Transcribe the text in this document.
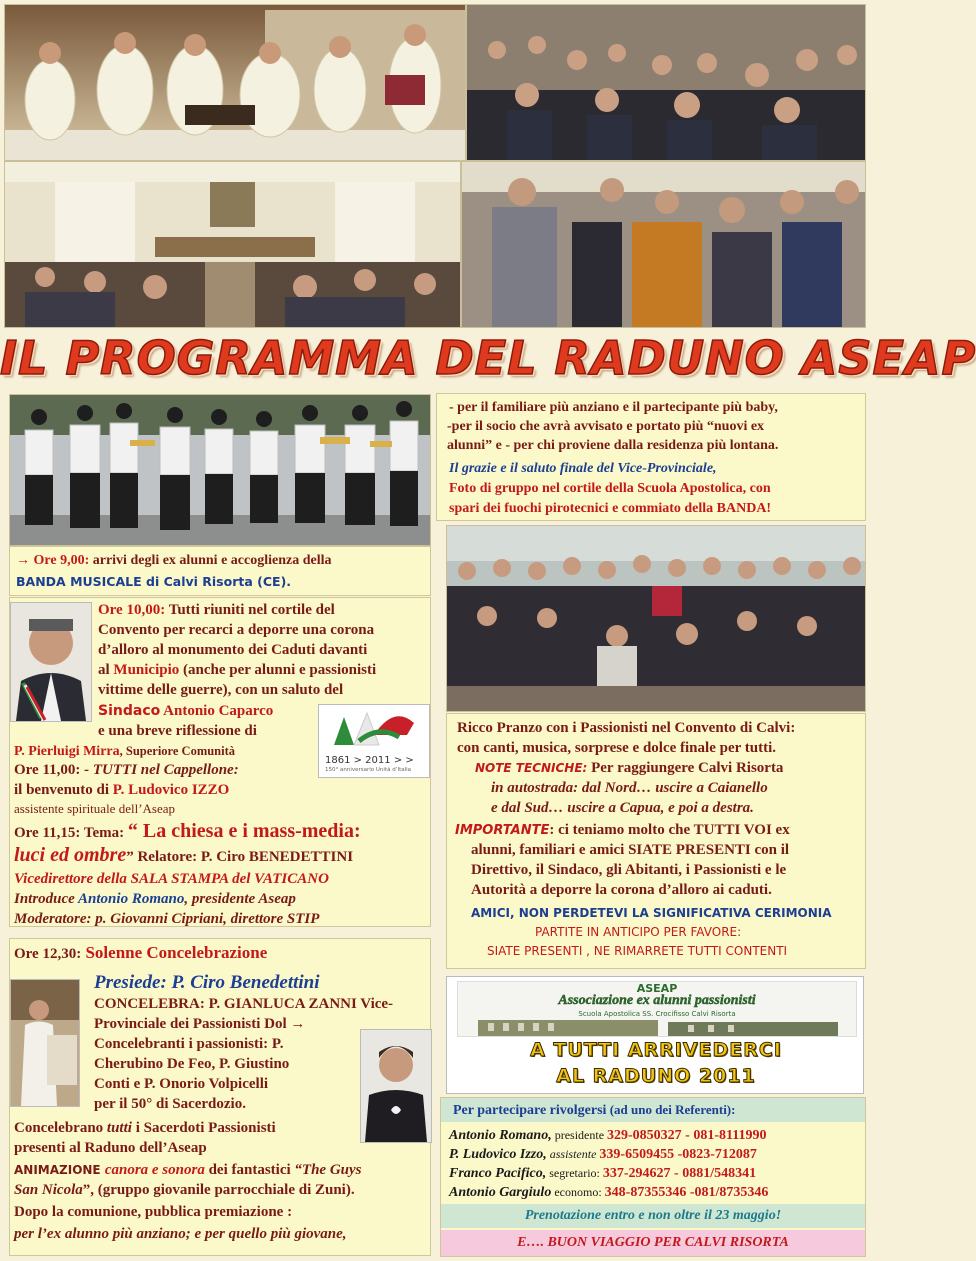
IL PROGRAMMA DEL RADUNO ASEAP
- per il familiare più anziano e il partecipante più baby,
-per il socio che avrà avvisato e portato più “nuovi ex
alunni” e - per chi proviene dalla residenza più lontana.
Il grazie e il saluto finale del Vice-Provinciale,
Foto di gruppo nel cortile della Scuola Apostolica, con
spari dei fuochi pirotecnici e commiato della BANDA!
→ Ore 9,00: arrivi degli ex alunni e accoglienza della
BANDA MUSICALE di Calvi Risorta (CE).
Ore 10,00: Tutti riuniti nel cortile del
Convento per recarci a deporre una corona
d’alloro al monumento dei Caduti davanti
al Municipio (anche per alunni e passionisti
vittime delle guerre), con un saluto del
Sindaco Antonio Caparco
e una breve riflessione di
P. Pierluigi Mirra, Superiore Comunità
1861 > 2011 > >
150° anniversario Unità d’Italia
Ore 11,00: - TUTTI nel Cappellone:
il benvenuto di P. Ludovico IZZO
assistente spirituale dell’Aseap
Ore 11,15: Tema: “ La chiesa e i mass-media:
luci ed ombre” Relatore: P. Ciro BENEDETTINI
Vicedirettore della SALA STAMPA del VATICANO
Introduce Antonio Romano, presidente Aseap
Moderatore: p. Giovanni Cipriani, direttore STIP
Ore 12,30: Solenne Concelebrazione
Presiede: P. Ciro Benedettini
CONCELEBRA: P. GIANLUCA ZANNI Vice-
Provinciale dei Passionisti Dol →
Concelebranti i passionisti: P.
Cherubino De Feo, P. Giustino
Conti e P. Onorio Volpicelli
per il 50° di Sacerdozio.
Concelebrano tutti i Sacerdoti Passionisti
presenti al Raduno dell’Aseap
ANIMAZIONE canora e sonora dei fantastici “The Guys
San Nicola”, (gruppo giovanile parrocchiale di Zuni).
Dopo la comunione, pubblica premiazione :
per l’ex alunno più anziano; e per quello più giovane,
Ricco Pranzo con i Passionisti nel Convento di Calvi:
con canti, musica, sorprese e dolce finale per tutti.
NOTE TECNICHE: Per raggiungere Calvi Risorta
in autostrada: dal Nord… uscire a Caianello
e dal Sud… uscire a Capua, e poi a destra.
IMPORTANTE: ci teniamo molto che TUTTI VOI ex
alunni, familiari e amici SIATE PRESENTI con il
Direttivo, il Sindaco, gli Abitanti, i Passionisti e le
Autorità a deporre la corona d’alloro ai caduti.
AMICI, NON PERDETEVI LA SIGNIFICATIVA CERIMONIA
PARTITE IN ANTICIPO PER FAVORE:
SIATE PRESENTI , NE RIMARRETE TUTTI CONTENTI
ASEAP
Associazione ex alunni passionisti
Scuola Apostolica SS. Crocifisso Calvi Risorta
A TUTTI ARRIVEDERCI
AL RADUNO 2011
Per partecipare rivolgersi (ad uno dei Referenti):
Antonio Romano, presidente 329-0850327 - 081-8111990
P. Ludovico Izzo, assistente 339-6509455 -0823-712087
Franco Pacifico, segretario: 337-294627 - 0881/548341
Antonio Gargiulo economo: 348-87355346 -081/8735346
Prenotazione entro e non oltre il 23 maggio!
E…. BUON VIAGGIO PER CALVI RISORTA
